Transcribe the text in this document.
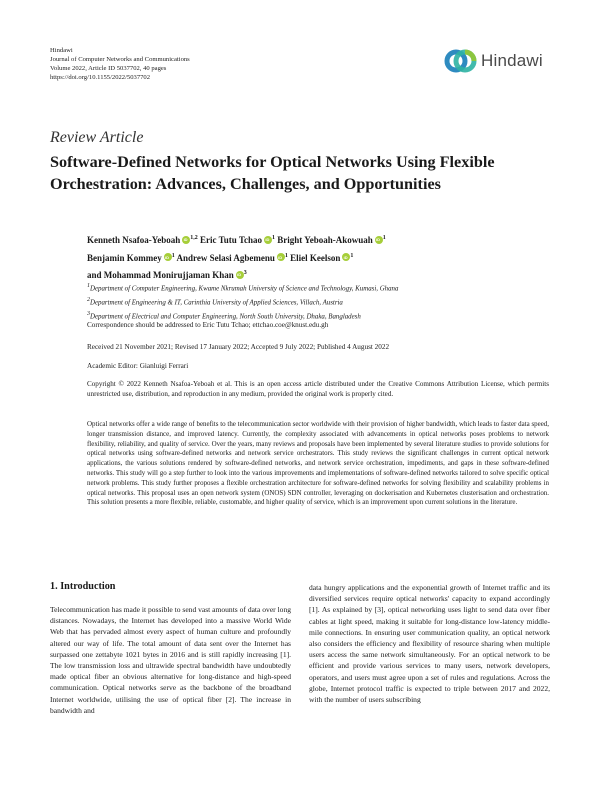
Hindawi
Journal of Computer Networks and Communications
Volume 2022, Article ID 5037702, 40 pages
https://doi.org/10.1155/2022/5037702
Hindawi
Review Article
Software-Defined Networks for Optical Networks Using Flexible Orchestration: Advances, Challenges, and Opportunities
Kenneth Nsafoa-Yeboah iD $^{1,2}$ Eric Tutu Tchao iD $^1$ Bright Yeboah-Akowuah iD $^1$
Benjamin Kommey iD $^1$ Andrew Selasi Agbemenu iD $^1$ Eliel Keelson iD $^1$
and Mohammad Monirujjaman Khan iD $^3$
$^1$Department of Computer Engineering, Kwame Nkrumah University of Science and Technology, Kumasi, Ghana
$^2$Department of Engineering & IT, Carinthia University of Applied Sciences, Villach, Austria
$^3$Department of Electrical and Computer Engineering, North South University, Dhaka, Bangladesh
Correspondence should be addressed to Eric Tutu Tchao; ettchao.coe@knust.edu.gh
Received 21 November 2021; Revised 17 January 2022; Accepted 9 July 2022; Published 4 August 2022
Academic Editor: Gianluigi Ferrari
Copyright © 2022 Kenneth Nsafoa-Yeboah et al. This is an open access article distributed under the Creative Commons Attribution License, which permits unrestricted use, distribution, and reproduction in any medium, provided the original work is properly cited.
Optical networks offer a wide range of benefits to the telecommunication sector worldwide with their provision of higher bandwidth, which leads to faster data speed, longer transmission distance, and improved latency. Currently, the complexity associated with advancements in optical networks poses problems to network flexibility, reliability, and quality of service. Over the years, many reviews and proposals have been implemented by several literature studies to provide solutions for optical networks using software-defined networks and network service orchestrators. This study reviews the significant challenges in current optical network applications, the various solutions rendered by software-defined networks, and network service orchestration, impediments, and gaps in these software-defined networks. This study will go a step further to look into the various improvements and implementations of software-defined networks tailored to solve specific optical network problems. This study further proposes a flexible orchestration architecture for software-defined networks for solving flexibility and scalability problems in optical networks. This proposal uses an open network system (ONOS) SDN controller, leveraging on dockerisation and Kubernetes clusterisation and orchestration. This solution presents a more flexible, reliable, customable, and higher quality of service, which is an improvement upon current solutions in the literature.
1. Introduction
Telecommunication has made it possible to send vast amounts of data over long distances. Nowadays, the Internet has developed into a massive World Wide Web that has pervaded almost every aspect of human culture and profoundly altered our way of life. The total amount of data sent over the Internet has surpassed one zettabyte 1021 bytes in 2016 and is still rapidly increasing [1]. The low transmission loss and ultrawide spectral bandwidth have undoubtedly made optical fiber an obvious alternative for long-distance and high-speed communication. Optical networks serve as the backbone of the broadband Internet worldwide, utilising the use of optical fiber [2]. The increase in bandwidth and
data hungry applications and the exponential growth of Internet traffic and its diversified services require optical networks' capacity to expand accordingly [1]. As explained by [3], optical networking uses light to send data over fiber cables at light speed, making it suitable for long-distance low-latency middle-mile connections. In ensuring user communication quality, an optical network also considers the efficiency and flexibility of resource sharing when multiple users access the same network simultaneously. For an optical network to be efficient and provide various services to many users, network developers, operators, and users must agree upon a set of rules and regulations. Across the globe, Internet protocol traffic is expected to triple between 2017 and 2022, with the number of users subscribing
